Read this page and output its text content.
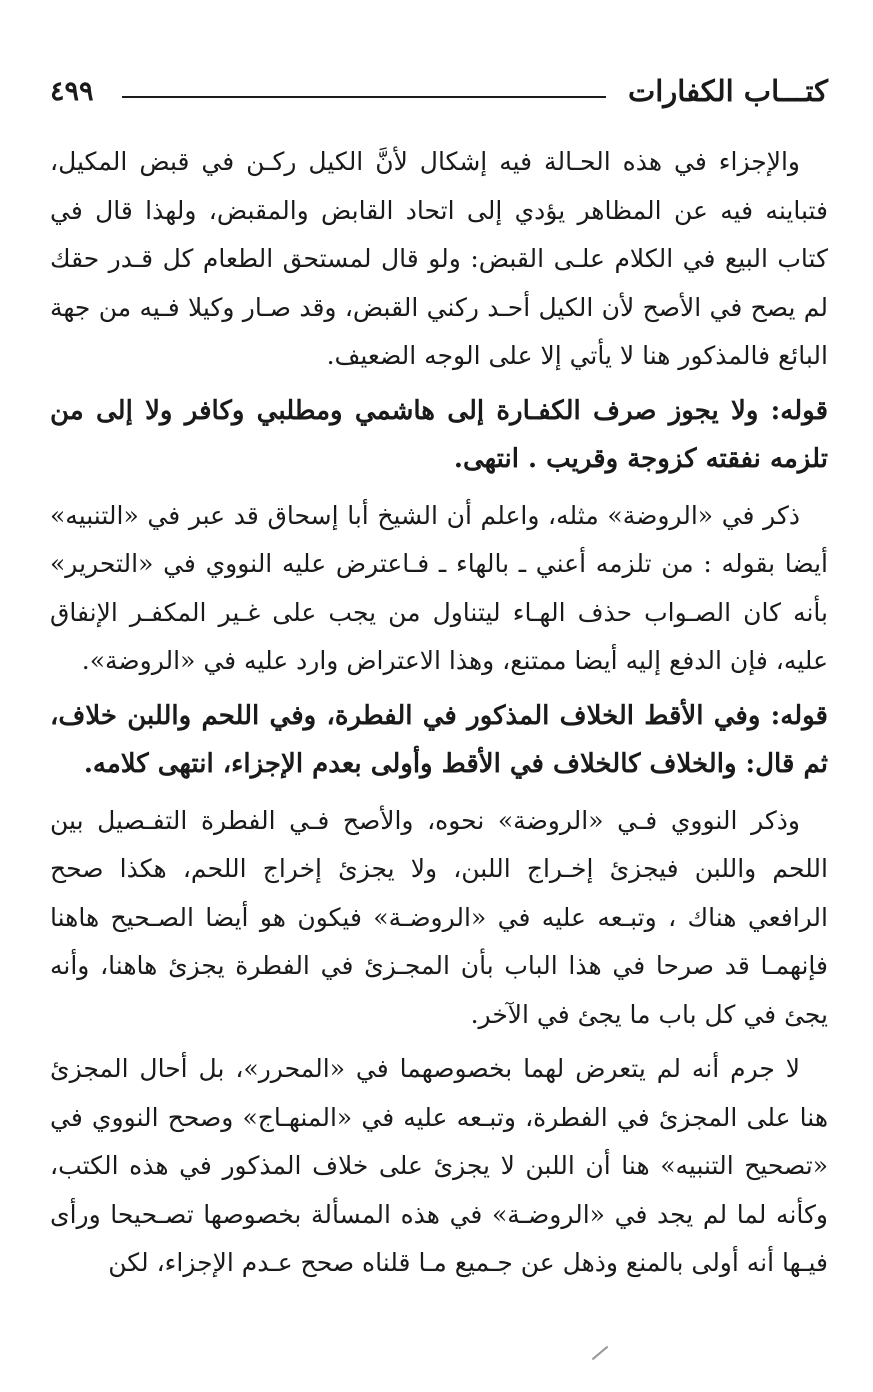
كتـــاب الكفارات
٤٩٩

والإجزاء في هذه الحـالة فيه إشكال لأنَّ الكيل ركـن في قبض المكيل، فتباينه فيه عن المظاهر يؤدي إلى اتحاد القابض والمقبض، ولهذا قال في كتاب البيع في الكلام علـى القبض: ولو قال لمستحق الطعام كل قـدر حقك لم يصح في الأصح لأن الكيل أحـد ركني القبض، وقد صـار وكيلا فـيه من جهة البائع فالمذكور هنا لا يأتي إلا على الوجه الضعيف.

قوله: ولا يجوز صرف الكفـارة إلى هاشمي ومطلبي وكافر ولا إلى من تلزمه نفقته كزوجة وقريب . انتهى.

ذكر في «الروضة» مثله، واعلم أن الشيخ أبا إسحاق قد عبر في «التنبيه» أيضا بقوله : من تلزمه أعني ـ بالهاء ـ فـاعترض عليه النووي في «التحرير» بأنه كان الصـواب حذف الهـاء ليتناول من يجب على غـير المكفـر الإنفاق عليه، فإن الدفع إليه أيضا ممتنع، وهذا الاعتراض وارد عليه في «الروضة».

قوله: وفي الأقط الخلاف المذكور في الفطرة، وفي اللحم واللبن خلاف، ثم قال: والخلاف كالخلاف في الأقط وأولى بعدم الإجزاء، انتهى كلامه.

وذكر النووي فـي «الروضة» نحوه، والأصح فـي الفطرة التفـصيل بين اللحم واللبن فيجزئ إخـراج اللبن، ولا يجزئ إخراج اللحم، هكذا صحح الرافعي هناك ، وتبـعه عليه في «الروضـة» فيكون هو أيضا الصـحيح هاهنا فإنهمـا قد صرحا في هذا الباب بأن المجـزئ في الفطرة يجزئ هاهنا، وأنه يجئ في كل باب ما يجئ في الآخر.

لا جرم أنه لم يتعرض لهما بخصوصهما في «المحرر»، بل أحال المجزئ هنا على المجزئ في الفطرة، وتبـعه عليه في «المنهـاج» وصحح النووي في «تصحيح التنبيه» هنا أن اللبن لا يجزئ على خلاف المذكور في هذه الكتب، وكأنه لما لم يجد في «الروضـة» في هذه المسألة بخصوصها تصـحيحا ورأى فيـها أنه أولى بالمنع وذهل عن جـميع مـا قلناه صحح عـدم الإجزاء، لكن
